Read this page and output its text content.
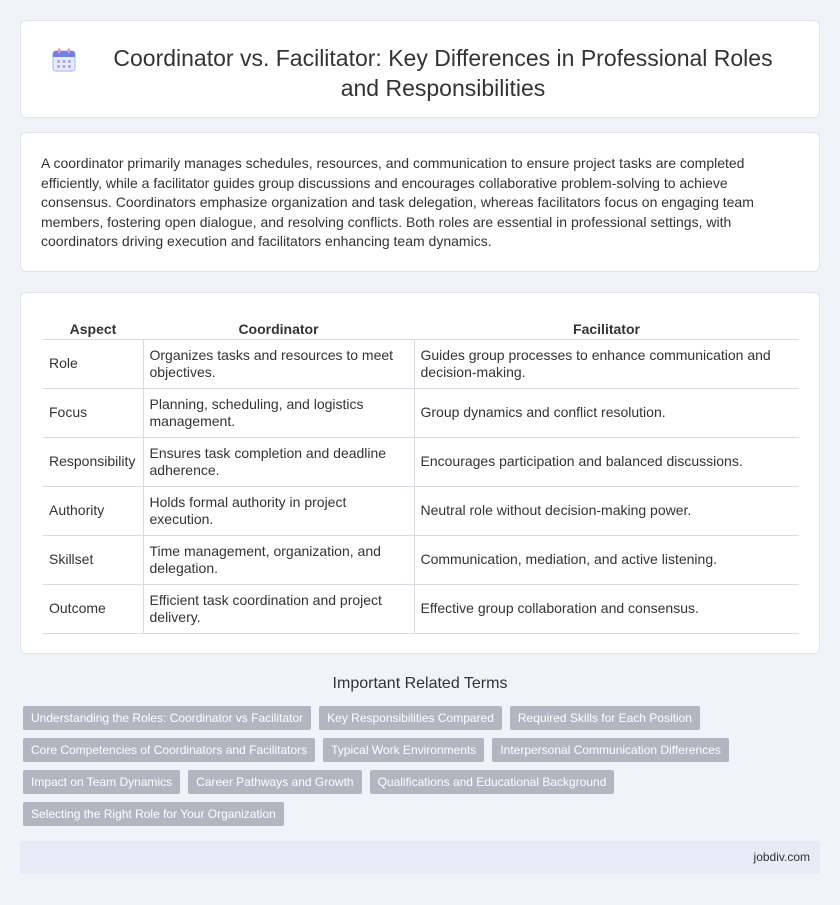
Coordinator vs. Facilitator: Key Differences in Professional Roles and Responsibilities

A coordinator primarily manages schedules, resources, and communication to ensure project tasks are completed efficiently, while a facilitator guides group discussions and encourages collaborative problem-solving to achieve consensus. Coordinators emphasize organization and task delegation, whereas facilitators focus on engaging team members, fostering open dialogue, and resolving conflicts. Both roles are essential in professional settings, with coordinators driving execution and facilitators enhancing team dynamics.

Aspect	Coordinator	Facilitator
Role	Organizes tasks and resources to meet objectives.	Guides group processes to enhance communication and decision-making.
Focus	Planning, scheduling, and logistics management.	Group dynamics and conflict resolution.
Responsibility	Ensures task completion and deadline adherence.	Encourages participation and balanced discussions.
Authority	Holds formal authority in project execution.	Neutral role without decision-making power.
Skillset	Time management, organization, and delegation.	Communication, mediation, and active listening.
Outcome	Efficient task coordination and project delivery.	Effective group collaboration and consensus.
Important Related Terms
Understanding the Roles: Coordinator vs Facilitator	Key Responsibilities Compared	Required Skills for Each Position
Core Competencies of Coordinators and Facilitators	Typical Work Environments	Interpersonal Communication Differences
Impact on Team Dynamics	Career Pathways and Growth	Qualifications and Educational Background
Selecting the Right Role for Your Organization
jobdiv.com
